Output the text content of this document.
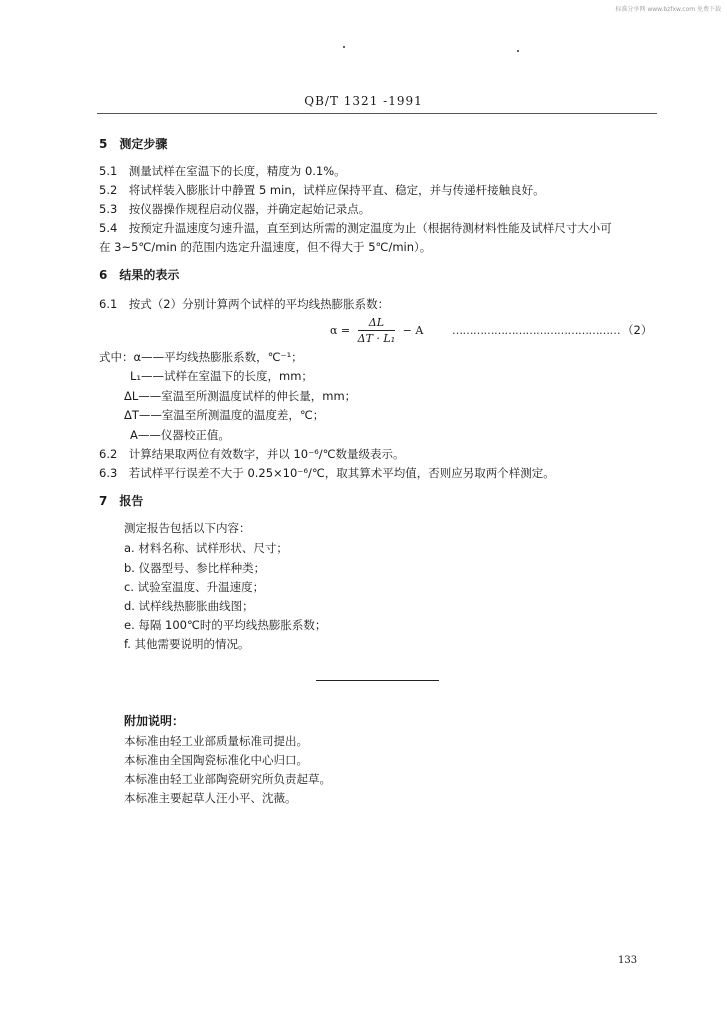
标准分享网 www.bzfxw.com 免费下载
QB/T 1321 -1991
5　测定步骤
5.1　测量试样在室温下的长度，精度为 0.1%。
5.2　将试样装入膨胀计中静置 5 min，试样应保持平直、稳定，并与传递杆接触良好。
5.3　按仪器操作规程启动仪器，并确定起始记录点。
5.4　按预定升温速度匀速升温，直至到达所需的测定温度为止（根据待测材料性能及试样尺寸大小可
在 3~5℃/min 的范围内选定升温速度，但不得大于 5℃/min）。
6　结果的表示
6.1　按式（2）分别计算两个试样的平均线热膨胀系数：
$\alpha = \frac{\Delta L}{\text{ΔT · L₁}} - A$	………………………………………… （2）
式中：α——平均线热膨胀系数，℃⁻¹；
L₁——试样在室温下的长度，mm；
ΔL——室温至所测温度试样的伸长量，mm；
ΔT——室温至所测温度的温度差，℃；
A——仪器校正值。
6.2　计算结果取两位有效数字，并以 10⁻⁶/℃数量级表示。
6.3　若试样平行误差不大于 0.25×10⁻⁶/℃，取其算术平均值，否则应另取两个样测定。
7　报告
测定报告包括以下内容：
a. 材料名称、试样形状、尺寸；
b. 仪器型号、参比样种类；
c. 试验室温度、升温速度；
d. 试样线热膨胀曲线图；
e. 每隔 100℃时的平均线热膨胀系数；
f. 其他需要说明的情况。
附加说明：
本标准由轻工业部质量标准司提出。
本标准由全国陶瓷标准化中心归口。
本标准由轻工业部陶瓷研究所负责起草。
本标准主要起草人汪小平、沈薇。
133
